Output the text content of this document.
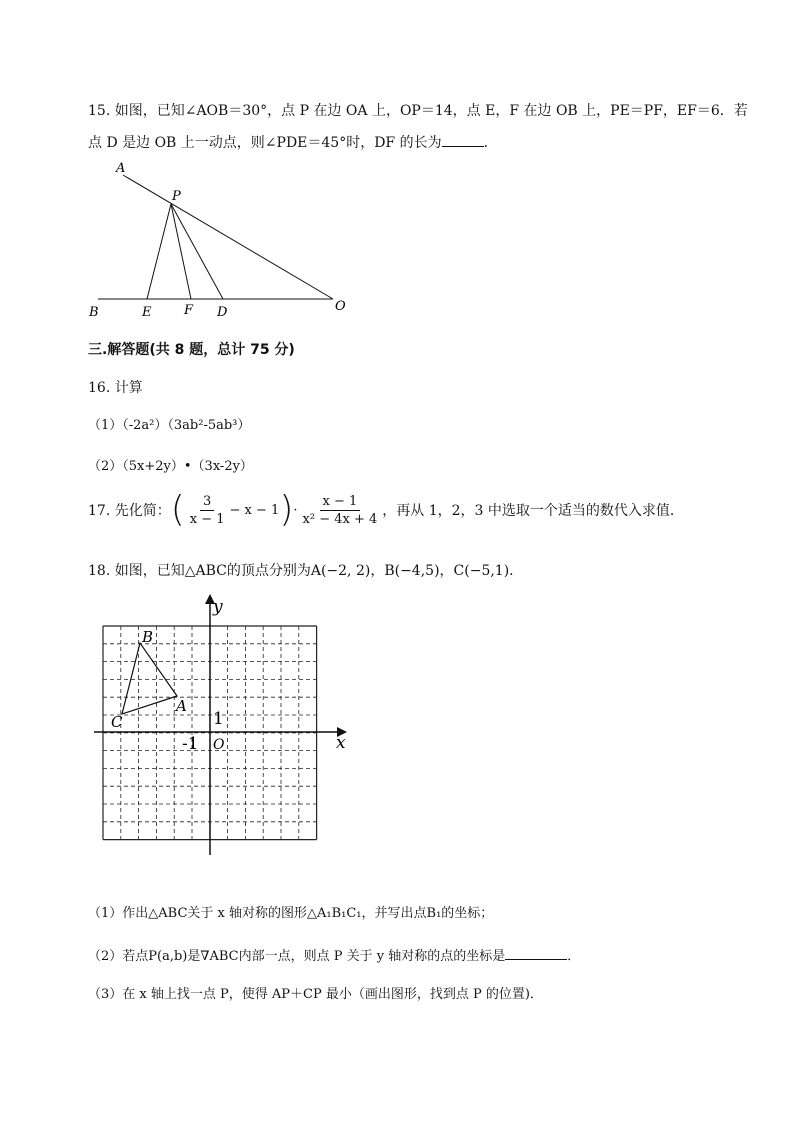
15. 如图，已知∠AOB＝30°，点 P 在边 OA 上，OP＝14，点 E，F 在边 OB 上，PE＝PF，EF＝6．若
点 D 是边 OB 上一动点，则∠PDE＝45°时，DF 的长为	．
A
P
B	E	F D	O
三.解答题(共 8 题，总计 75 分)
16. 计算
（1）（-2a²）（3ab²-5ab³）
（2）（5x+2y）•（3x-2y）
17. 先化简： ( $\frac{3}{x - 1} - x - 1$ ) · $\frac{x - 1}{\text{x² − 4x + 4}}$ ，再从 1，2，3 中选取一个适当的数代入求值．
18. 如图，已知△ABC的顶点分别为A(−2, 2)，B(−4,5)，C(−5,1)．
y
x
O
1
-1
B
A
C
（1）作出△ABC关于 x 轴对称的图形△A₁B₁C₁，并写出点B₁的坐标；
（2）若点P(a,b)是∇ABC内部一点，则点 P 关于 y 轴对称的点的坐标是	．
（3）在 x 轴上找一点 P，使得 AP＋CP 最小（画出图形，找到点 P 的位置)．
